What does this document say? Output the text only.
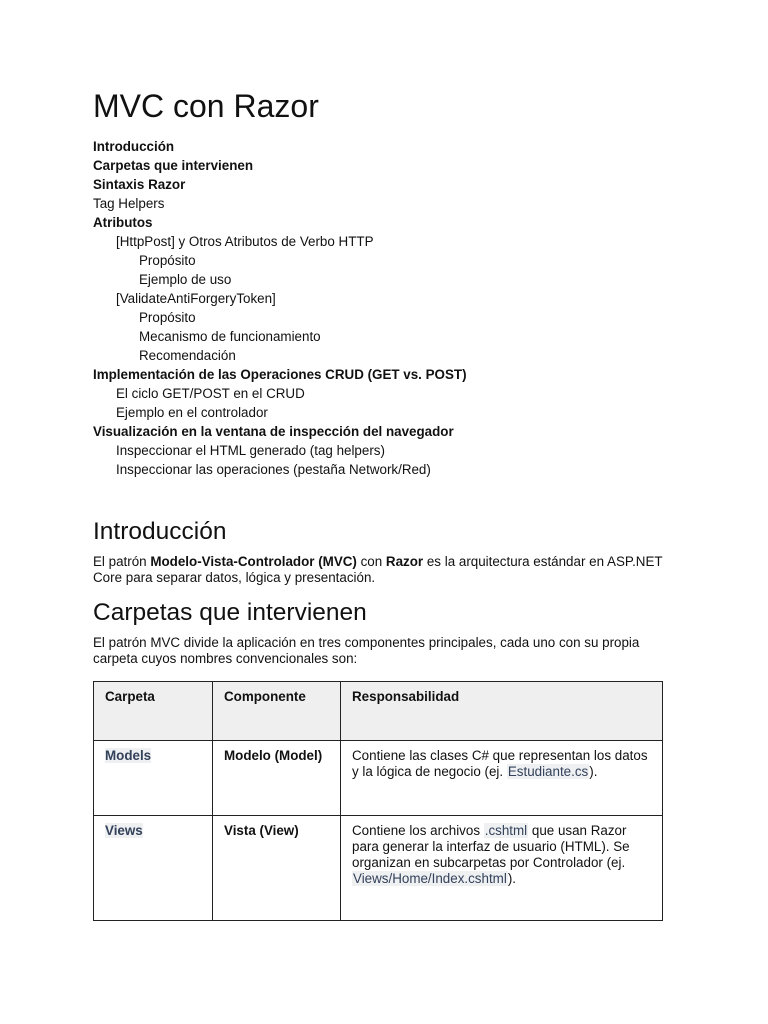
MVC con Razor
Introducción
Carpetas que intervienen
Sintaxis Razor
Tag Helpers
Atributos
[HttpPost] y Otros Atributos de Verbo HTTP
Propósito
Ejemplo de uso
[ValidateAntiForgeryToken]
Propósito
Mecanismo de funcionamiento
Recomendación
Implementación de las Operaciones CRUD (GET vs. POST)
El ciclo GET/POST en el CRUD
Ejemplo en el controlador
Visualización en la ventana de inspección del navegador
Inspeccionar el HTML generado (tag helpers)
Inspeccionar las operaciones (pestaña Network/Red)
Introducción

El patrón Modelo-Vista-Controlador (MVC) con Razor es la arquitectura estándar en ASP.NET Core para separar datos, lógica y presentación.

Carpetas que intervienen

El patrón MVC divide la aplicación en tres componentes principales, cada uno con su propia carpeta cuyos nombres convencionales son:

Carpeta	Componente	Responsabilidad
Models	Modelo (Model)	Contiene las clases C# que representan los datos y la lógica de negocio (ej. Estudiante.cs).
Views	Vista (View)	Contiene los archivos .cshtml que usan Razor para generar la interfaz de usuario (HTML). Se organizan en subcarpetas por Controlador (ej. Views/Home/Index.cshtml).
